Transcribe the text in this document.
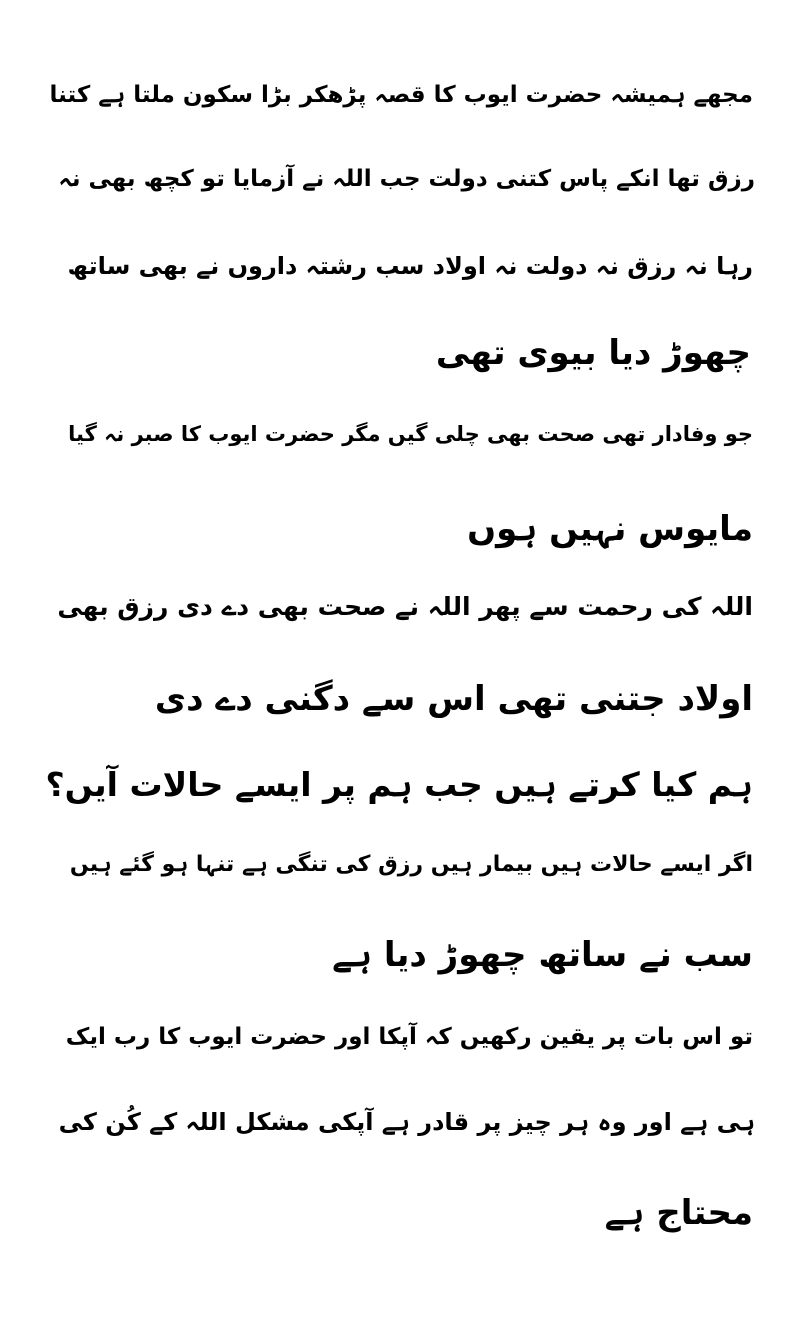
مجھے ہمیشہ حضرت ایوب کا قصہ پڑھکر بڑا سکون ملتا ہے کتنا
رزق تھا انکے پاس کتنی دولت جب اللہ نے آزمایا تو کچھ بھی نہ
رہا نہ رزق نہ دولت نہ اولاد سب رشتہ داروں نے بھی ساتھ
چھوڑ دیا بیوی تھی
جو وفادار تھی صحت بھی چلی گیں مگر حضرت ایوب کا صبر نہ گیا
مایوس نہیں ہوں
اللہ کی رحمت سے پھر اللہ نے صحت بھی دے دی رزق بھی
اولاد جتنی تھی اس سے دگنی دے دی
ہم کیا کرتے ہیں جب ہم پر ایسے حالات آیں؟
اگر ایسے حالات ہیں بیمار ہیں رزق کی تنگی ہے تنہا ہو گئے ہیں
سب نے ساتھ چھوڑ دیا ہے
تو اس بات پر یقین رکھیں کہ آپکا اور حضرت ایوب کا رب ایک
ہی ہے اور وہ ہر چیز پر قادر ہے آپکی مشکل اللہ کے کُن کی
محتاج ہے
